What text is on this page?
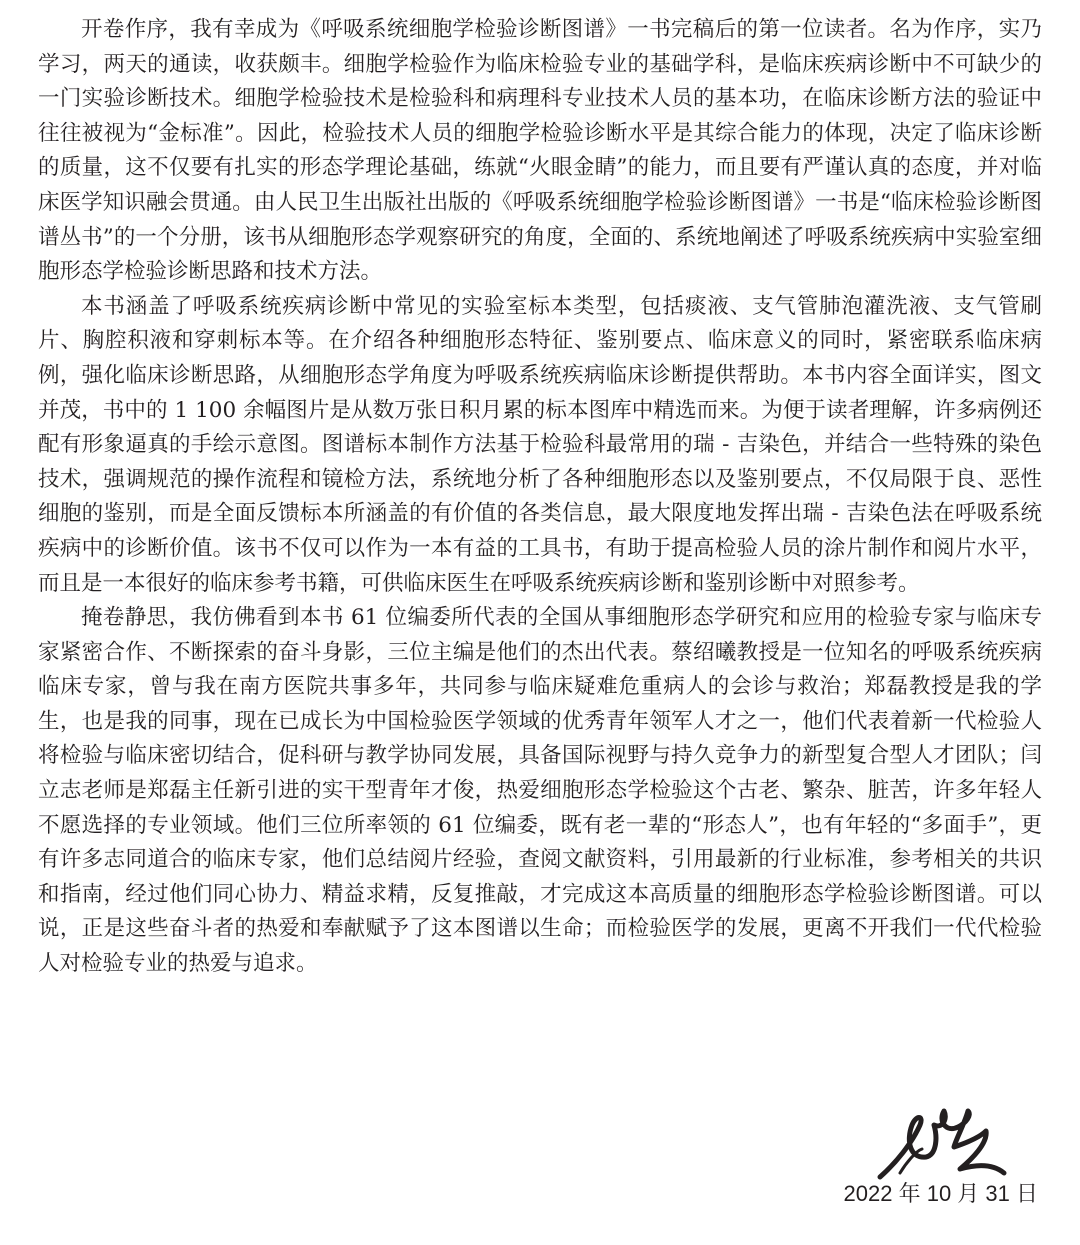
开卷作序，我有幸成为《呼吸系统细胞学检验诊断图谱》一书完稿后的第一位读者。名为作序，实乃学习，两天的通读，收获颇丰。细胞学检验作为临床检验专业的基础学科，是临床疾病诊断中不可缺少的一门实验诊断技术。细胞学检验技术是检验科和病理科专业技术人员的基本功，在临床诊断方法的验证中往往被视为“金标准”。因此，检验技术人员的细胞学检验诊断水平是其综合能力的体现，决定了临床诊断的质量，这不仅要有扎实的形态学理论基础，练就“火眼金睛”的能力，而且要有严谨认真的态度，并对临床医学知识融会贯通。由人民卫生出版社出版的《呼吸系统细胞学检验诊断图谱》一书是“临床检验诊断图谱丛书”的一个分册，该书从细胞形态学观察研究的角度，全面的、系统地阐述了呼吸系统疾病中实验室细胞形态学检验诊断思路和技术方法。

本书涵盖了呼吸系统疾病诊断中常见的实验室标本类型，包括痰液、支气管肺泡灌洗液、支气管刷片、胸腔积液和穿刺标本等。在介绍各种细胞形态特征、鉴别要点、临床意义的同时，紧密联系临床病例，强化临床诊断思路，从细胞形态学角度为呼吸系统疾病临床诊断提供帮助。本书内容全面详实，图文并茂，书中的 1 100 余幅图片是从数万张日积月累的标本图库中精选而来。为便于读者理解，许多病例还配有形象逼真的手绘示意图。图谱标本制作方法基于检验科最常用的瑞 - 吉染色，并结合一些特殊的染色技术，强调规范的操作流程和镜检方法，系统地分析了各种细胞形态以及鉴别要点，不仅局限于良、恶性细胞的鉴别，而是全面反馈标本所涵盖的有价值的各类信息，最大限度地发挥出瑞 - 吉染色法在呼吸系统疾病中的诊断价值。该书不仅可以作为一本有益的工具书，有助于提高检验人员的涂片制作和阅片水平，而且是一本很好的临床参考书籍，可供临床医生在呼吸系统疾病诊断和鉴别诊断中对照参考。

掩卷静思，我仿佛看到本书 61 位编委所代表的全国从事细胞形态学研究和应用的检验专家与临床专家紧密合作、不断探索的奋斗身影，三位主编是他们的杰出代表。蔡绍曦教授是一位知名的呼吸系统疾病临床专家，曾与我在南方医院共事多年，共同参与临床疑难危重病人的会诊与救治；郑磊教授是我的学生，也是我的同事，现在已成长为中国检验医学领域的优秀青年领军人才之一，他们代表着新一代检验人将检验与临床密切结合，促科研与教学协同发展，具备国际视野与持久竞争力的新型复合型人才团队；闫立志老师是郑磊主任新引进的实干型青年才俊，热爱细胞形态学检验这个古老、繁杂、脏苦，许多年轻人不愿选择的专业领域。他们三位所率领的 61 位编委，既有老一辈的“形态人”，也有年轻的“多面手”，更有许多志同道合的临床专家，他们总结阅片经验，查阅文献资料，引用最新的行业标准，参考相关的共识和指南，经过他们同心协力、精益求精，反复推敲，才完成这本高质量的细胞形态学检验诊断图谱。可以说，正是这些奋斗者的热爱和奉献赋予了这本图谱以生命；而检验医学的发展，更离不开我们一代代检验人对检验专业的热爱与追求。

2022 年 10 月 31 日
